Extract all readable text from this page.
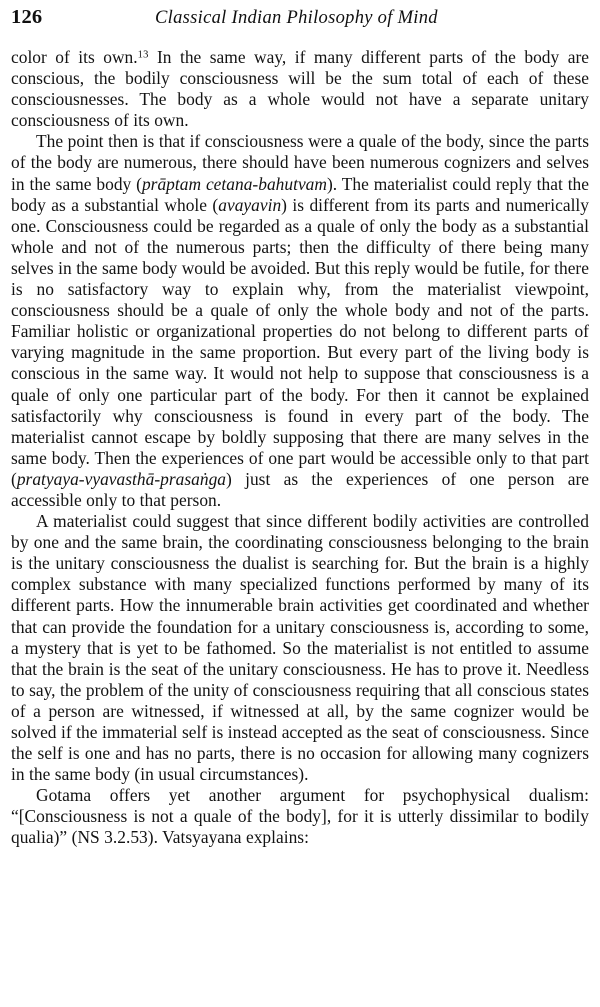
126	Classical Indian Philosophy of Mind

color of its own.$^{13}$ In the same way, if many different parts of the body are conscious, the bodily consciousness will be the sum total of each of these consciousnesses. The body as a whole would not have a separate unitary consciousness of its own.

The point then is that if consciousness were a quale of the body, since the parts of the body are numerous, there should have been numerous cognizers and selves in the same body (prāptam cetana-bahutvam). The materialist could reply that the body as a substantial whole (avayavin) is different from its parts and numerically one. Consciousness could be regarded as a quale of only the body as a substantial whole and not of the numerous parts; then the difficulty of there being many selves in the same body would be avoided. But this reply would be futile, for there is no satisfactory way to explain why, from the materialist viewpoint, consciousness should be a quale of only the whole body and not of the parts. Familiar holistic or organizational properties do not belong to different parts of varying magnitude in the same proportion. But every part of the living body is conscious in the same way. It would not help to suppose that consciousness is a quale of only one particular part of the body. For then it cannot be explained satisfactorily why consciousness is found in every part of the body. The materialist cannot escape by boldly supposing that there are many selves in the same body. Then the experiences of one part would be accessible only to that part (pratyaya-vyavasthā-prasaṅga) just as the experiences of one person are accessible only to that person.

A materialist could suggest that since different bodily activities are controlled by one and the same brain, the coordinating consciousness belonging to the brain is the unitary consciousness the dualist is searching for. But the brain is a highly complex substance with many specialized functions performed by many of its different parts. How the innumerable brain activities get coordinated and whether that can provide the foundation for a unitary consciousness is, according to some, a mystery that is yet to be fathomed. So the materialist is not entitled to assume that the brain is the seat of the unitary consciousness. He has to prove it. Needless to say, the problem of the unity of consciousness requiring that all conscious states of a person are witnessed, if witnessed at all, by the same cognizer would be solved if the immaterial self is instead accepted as the seat of consciousness. Since the self is one and has no parts, there is no occasion for allowing many cognizers in the same body (in usual circumstances).

Gotama offers yet another argument for psychophysical dualism: “[Consciousness is not a quale of the body], for it is utterly dissimilar to bodily qualia)” (NS 3.2.53). Vatsyayana explains:
